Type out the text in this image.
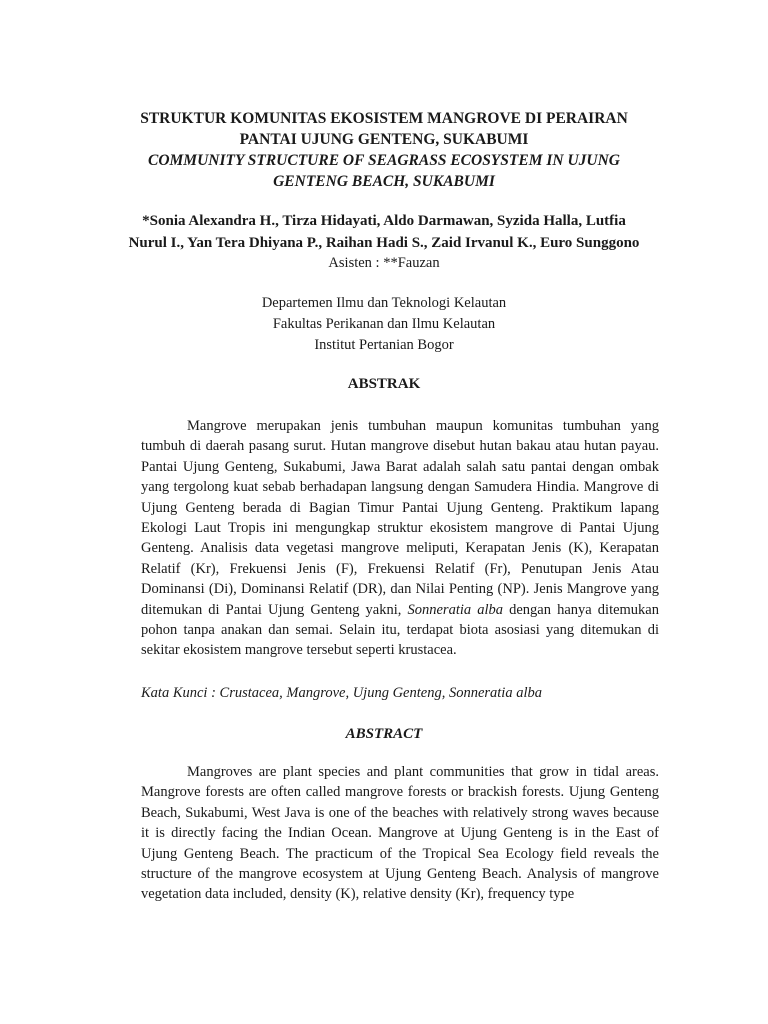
STRUKTUR KOMUNITAS EKOSISTEM MANGROVE DI PERAIRAN

PANTAI UJUNG GENTENG, SUKABUMI

COMMUNITY STRUCTURE OF SEAGRASS ECOSYSTEM IN UJUNG

GENTENG BEACH, SUKABUMI

*Sonia Alexandra H., Tirza Hidayati, Aldo Darmawan, Syzida Halla, Lutfia
Nurul I., Yan Tera Dhiyana P., Raihan Hadi S., Zaid Irvanul K., Euro Sunggono
Asisten : **Fauzan
Departemen Ilmu dan Teknologi Kelautan
Fakultas Perikanan dan Ilmu Kelautan
Institut Pertanian Bogor
ABSTRAK

Mangrove merupakan jenis tumbuhan maupun komunitas tumbuhan yang tumbuh di daerah pasang surut. Hutan mangrove disebut hutan bakau atau hutan payau. Pantai Ujung Genteng, Sukabumi, Jawa Barat adalah salah satu pantai dengan ombak yang tergolong kuat sebab berhadapan langsung dengan Samudera Hindia. Mangrove di Ujung Genteng berada di Bagian Timur Pantai Ujung Genteng. Praktikum lapang Ekologi Laut Tropis ini mengungkap struktur ekosistem mangrove di Pantai Ujung Genteng. Analisis data vegetasi mangrove meliputi, Kerapatan Jenis (K), Kerapatan Relatif (Kr), Frekuensi Jenis (F), Frekuensi Relatif (Fr), Penutupan Jenis Atau Dominansi (Di), Dominansi Relatif (DR), dan Nilai Penting (NP). Jenis Mangrove yang ditemukan di Pantai Ujung Genteng yakni, Sonneratia alba dengan hanya ditemukan pohon tanpa anakan dan semai. Selain itu, terdapat biota asosiasi yang ditemukan di sekitar ekosistem mangrove tersebut seperti krustacea.

Kata Kunci : Crustacea, Mangrove, Ujung Genteng, Sonneratia alba
ABSTRACT

Mangroves are plant species and plant communities that grow in tidal areas. Mangrove forests are often called mangrove forests or brackish forests. Ujung Genteng Beach, Sukabumi, West Java is one of the beaches with relatively strong waves because it is directly facing the Indian Ocean. Mangrove at Ujung Genteng is in the East of Ujung Genteng Beach. The practicum of the Tropical Sea Ecology field reveals the structure of the mangrove ecosystem at Ujung Genteng Beach. Analysis of mangrove vegetation data included, density (K), relative density (Kr), frequency type
